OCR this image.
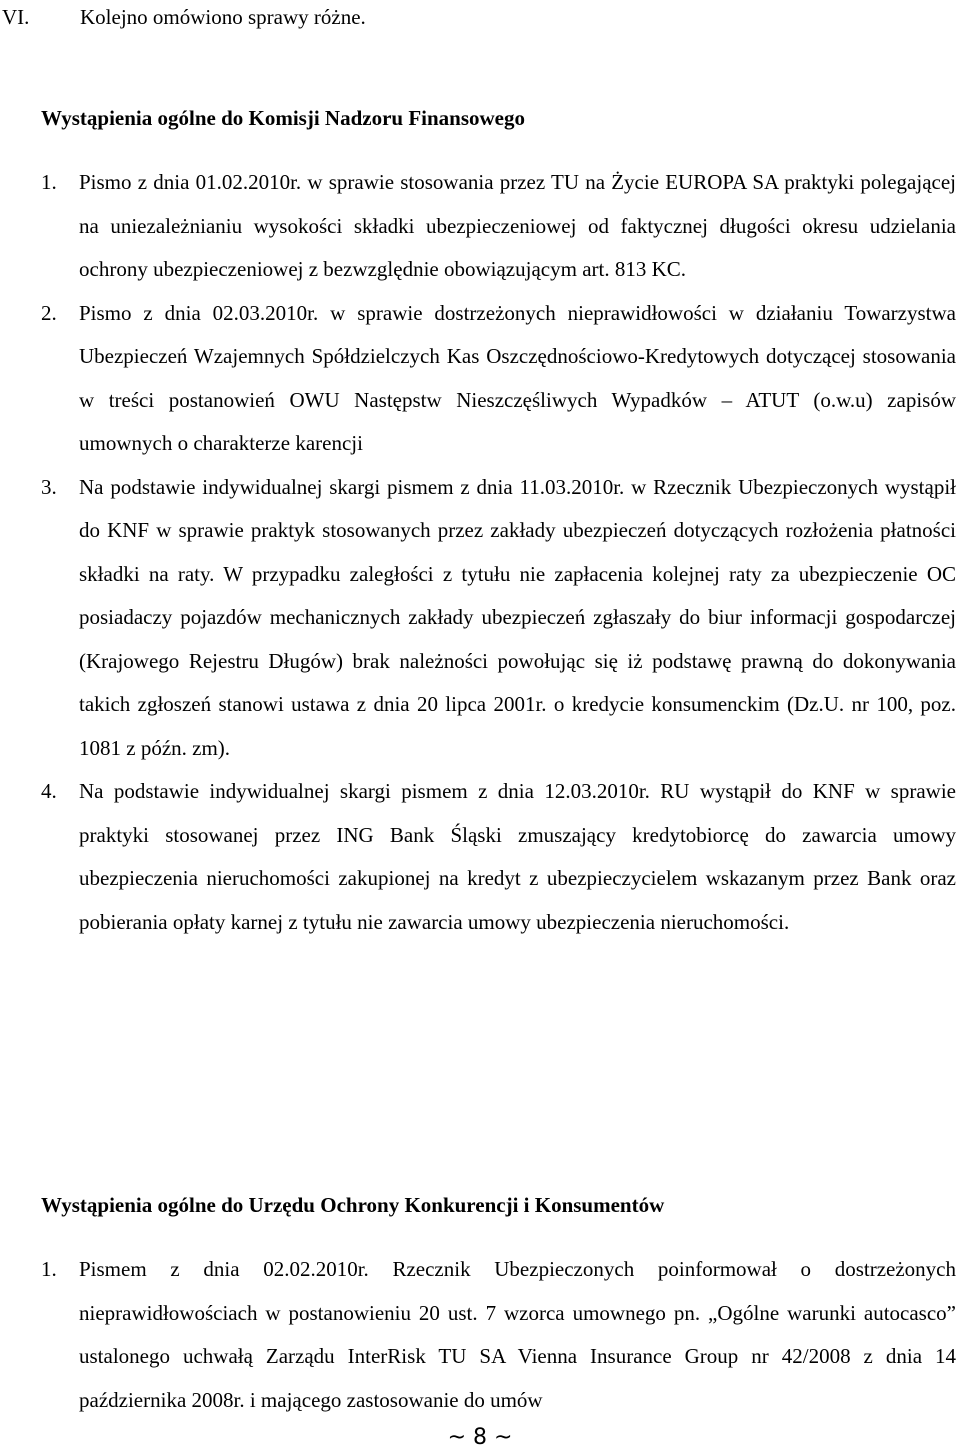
VI. Kolejno omówiono sprawy różne.
Wystąpienia ogólne do Komisji Nadzoru Finansowego
1. Pismo z dnia 01.02.2010r. w sprawie stosowania przez TU na Życie EUROPA SA praktyki polegającej na uniezależnianiu wysokości składki ubezpieczeniowej od faktycznej długości okresu udzielania ochrony ubezpieczeniowej z bezwzględnie obowiązującym art. 813 KC.
2. Pismo z dnia 02.03.2010r. w sprawie dostrzeżonych nieprawidłowości w działaniu Towarzystwa Ubezpieczeń Wzajemnych Spółdzielczych Kas Oszczędnościowo-Kredytowych dotyczącej stosowania w treści postanowień OWU Następstw Nieszczęśliwych Wypadków – ATUT (o.w.u) zapisów umownych o charakterze karencji
3. Na podstawie indywidualnej skargi pismem z dnia 11.03.2010r. w Rzecznik Ubezpieczonych wystąpił do KNF w sprawie praktyk stosowanych przez zakłady ubezpieczeń dotyczących rozłożenia płatności składki na raty. W przypadku zaległości z tytułu nie zapłacenia kolejnej raty za ubezpieczenie OC posiadaczy pojazdów mechanicznych zakłady ubezpieczeń zgłaszały do biur informacji gospodarczej (Krajowego Rejestru Długów) brak należności powołując się iż podstawę prawną do dokonywania takich zgłoszeń stanowi ustawa z dnia 20 lipca 2001r. o kredycie konsumenckim (Dz.U. nr 100, poz. 1081 z późn. zm).
4. Na podstawie indywidualnej skargi pismem z dnia 12.03.2010r. RU wystąpił do KNF w sprawie praktyki stosowanej przez ING Bank Śląski zmuszający kredytobiorcę do zawarcia umowy ubezpieczenia nieruchomości zakupionej na kredyt z ubezpieczycielem wskazanym przez Bank oraz pobierania opłaty karnej z tytułu nie zawarcia umowy ubezpieczenia nieruchomości.
Wystąpienia ogólne do Urzędu Ochrony Konkurencji i Konsumentów
1. Pismem z dnia 02.02.2010r. Rzecznik Ubezpieczonych poinformował o dostrzeżonych nieprawidłowościach w postanowieniu 20 ust. 7 wzorca umownego pn. „Ogólne warunki autocasco” ustalonego uchwałą Zarządu InterRisk TU SA Vienna Insurance Group nr 42/2008 z dnia 14 października 2008r. i mającego zastosowanie do umów
~ 8 ~
